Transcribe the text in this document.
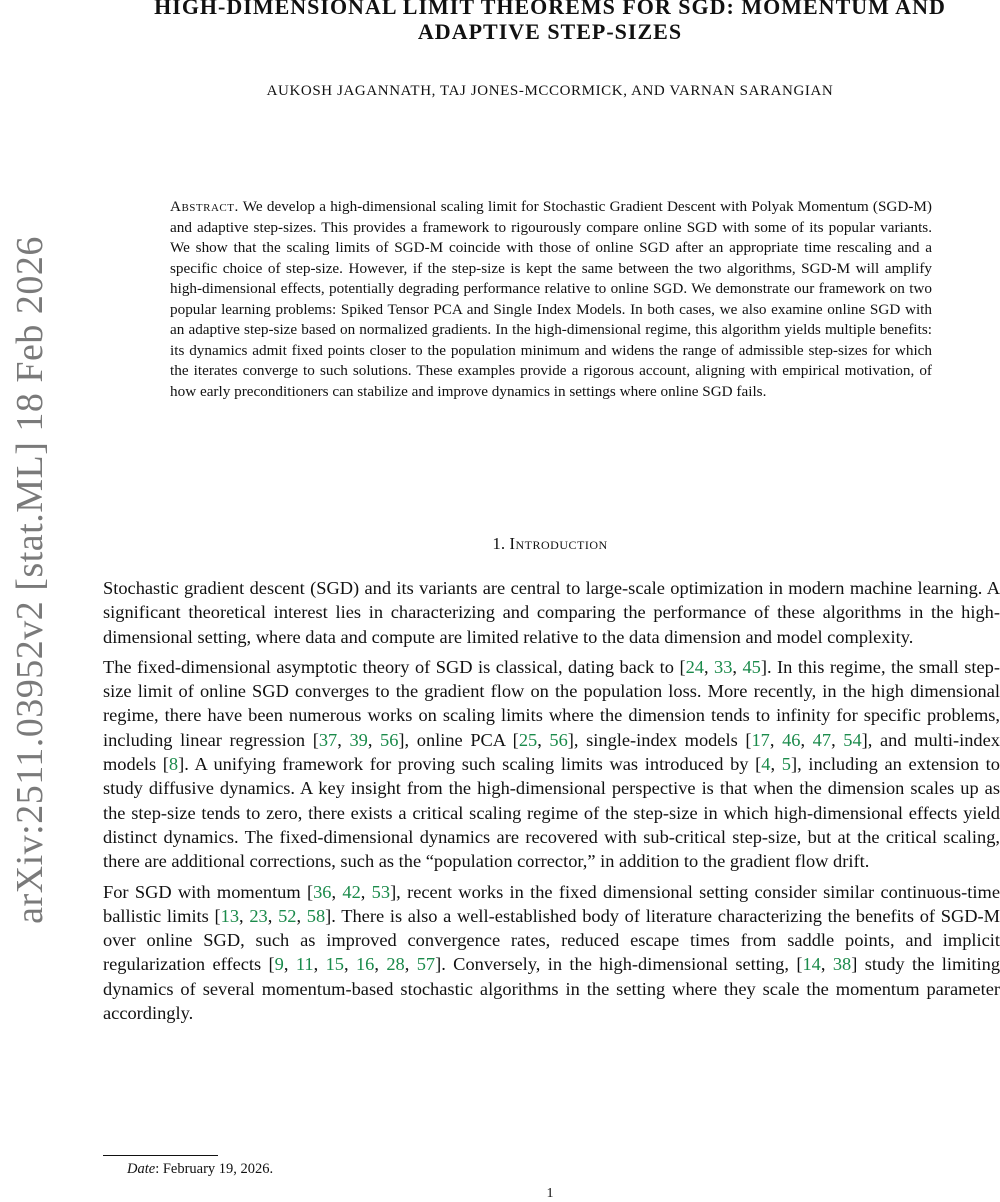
arXiv:2511.03952v2 [stat.ML] 18 Feb 2026
HIGH-DIMENSIONAL LIMIT THEOREMS FOR SGD: MOMENTUM AND
ADAPTIVE STEP-SIZES
AUKOSH JAGANNATH, TAJ JONES-MCCORMICK, AND VARNAN SARANGIAN
Abstract. We develop a high-dimensional scaling limit for Stochastic Gradient Descent with Polyak Momentum (SGD-M) and adaptive step-sizes. This provides a framework to rigourously compare online SGD with some of its popular variants. We show that the scaling limits of SGD-M coincide with those of online SGD after an appropriate time rescaling and a specific choice of step-size. However, if the step-size is kept the same between the two algorithms, SGD-M will amplify high-dimensional effects, potentially degrading performance relative to online SGD. We demonstrate our framework on two popular learning problems: Spiked Tensor PCA and Single Index Models. In both cases, we also examine online SGD with an adaptive step-size based on normalized gradients. In the high-dimensional regime, this algorithm yields multiple benefits: its dynamics admit fixed points closer to the population minimum and widens the range of admissible step-sizes for which the iterates converge to such solutions. These examples provide a rigorous account, aligning with empirical motivation, of how early preconditioners can stabilize and improve dynamics in settings where online SGD fails.
1. Introduction

Stochastic gradient descent (SGD) and its variants are central to large-scale optimization in modern machine learning. A significant theoretical interest lies in characterizing and comparing the performance of these algorithms in the high-dimensional setting, where data and compute are limited relative to the data dimension and model complexity.

The fixed-dimensional asymptotic theory of SGD is classical, dating back to [24, 33, 45]. In this regime, the small step-size limit of online SGD converges to the gradient flow on the population loss. More recently, in the high dimensional regime, there have been numerous works on scaling limits where the dimension tends to infinity for specific problems, including linear regression [37, 39, 56], online PCA [25, 56], single-index models [17, 46, 47, 54], and multi-index models [8]. A unifying framework for proving such scaling limits was introduced by [4, 5], including an extension to study diffusive dynamics. A key insight from the high-dimensional perspective is that when the dimension scales up as the step-size tends to zero, there exists a critical scaling regime of the step-size in which high-dimensional effects yield distinct dynamics. The fixed-dimensional dynamics are recovered with sub-critical step-size, but at the critical scaling, there are additional corrections, such as the “population corrector,” in addition to the gradient flow drift.

For SGD with momentum [36, 42, 53], recent works in the fixed dimensional setting consider similar continuous-time ballistic limits [13, 23, 52, 58]. There is also a well-established body of literature characterizing the benefits of SGD-M over online SGD, such as improved convergence rates, reduced escape times from saddle points, and implicit regularization effects [9, 11, 15, 16, 28, 57]. Conversely, in the high-dimensional setting, [14, 38] study the limiting dynamics of several momentum-based stochastic algorithms in the setting where they scale the momentum parameter accordingly.

Date: February 19, 2026.
1
